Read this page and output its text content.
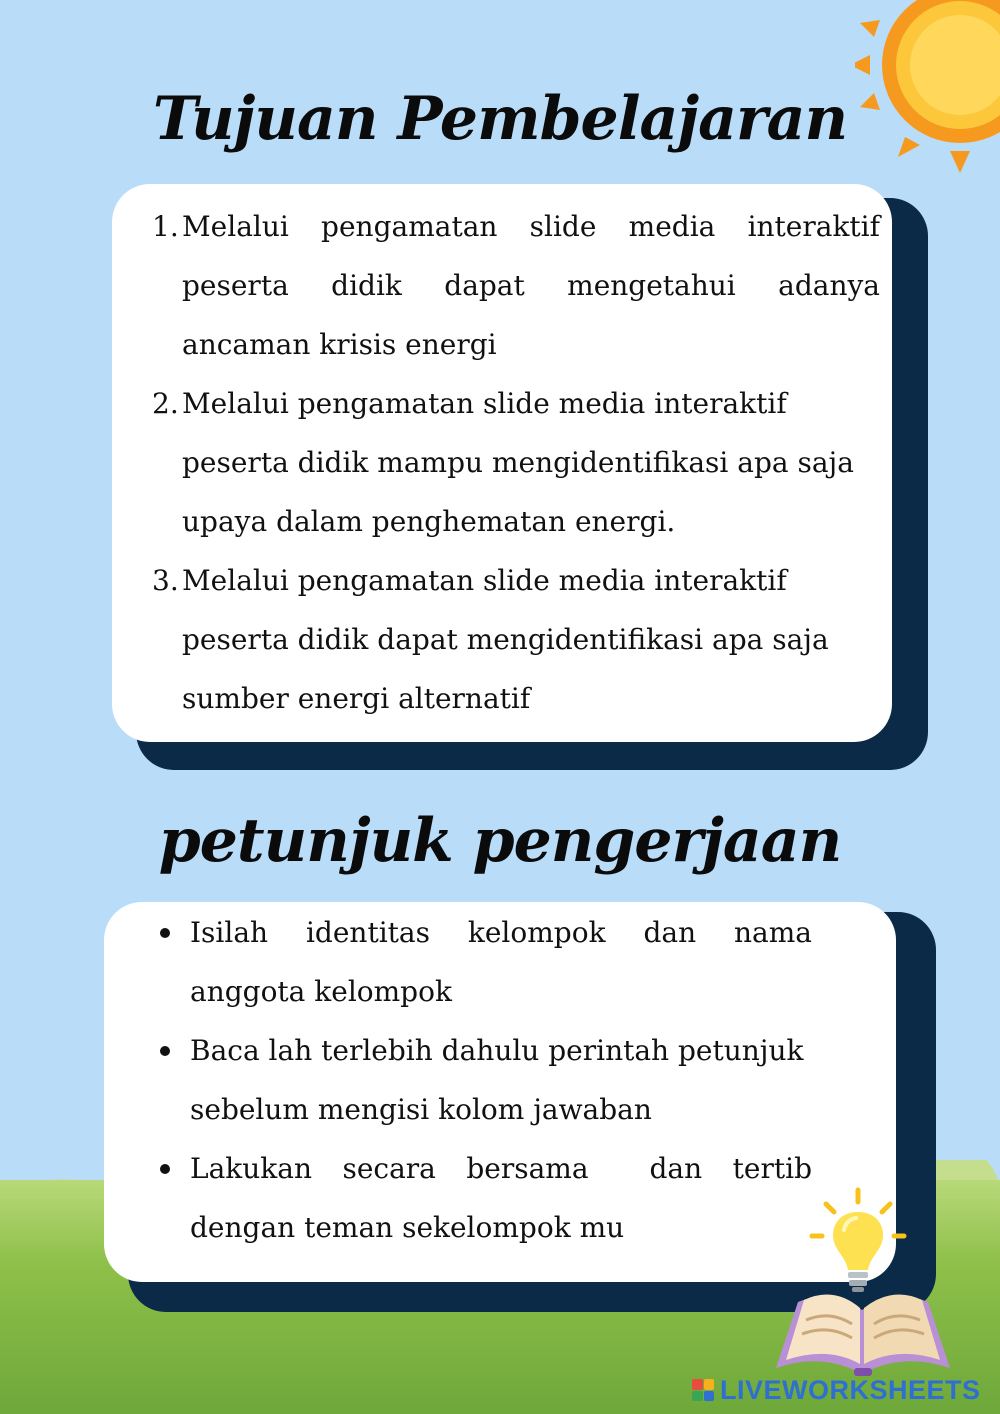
Tujuan Pembelajaran
1. Melalui pengamatan slide media interaktif
peserta didik dapat mengetahui adanya
ancaman krisis energi
2. Melalui pengamatan slide media interaktif
peserta didik mampu mengidentifikasi apa saja
upaya dalam penghematan energi.
3. Melalui pengamatan slide media interaktif
peserta didik dapat mengidentifikasi apa saja
sumber energi alternatif
petunjuk pengerjaan
Isilah identitas kelompok dan nama
anggota kelompok
Baca lah terlebih dahulu perintah petunjuk
sebelum mengisi kolom jawaban
Lakukan secara bersama  dan tertib
dengan teman sekelompok mu
LIVEWORKSHEETS
